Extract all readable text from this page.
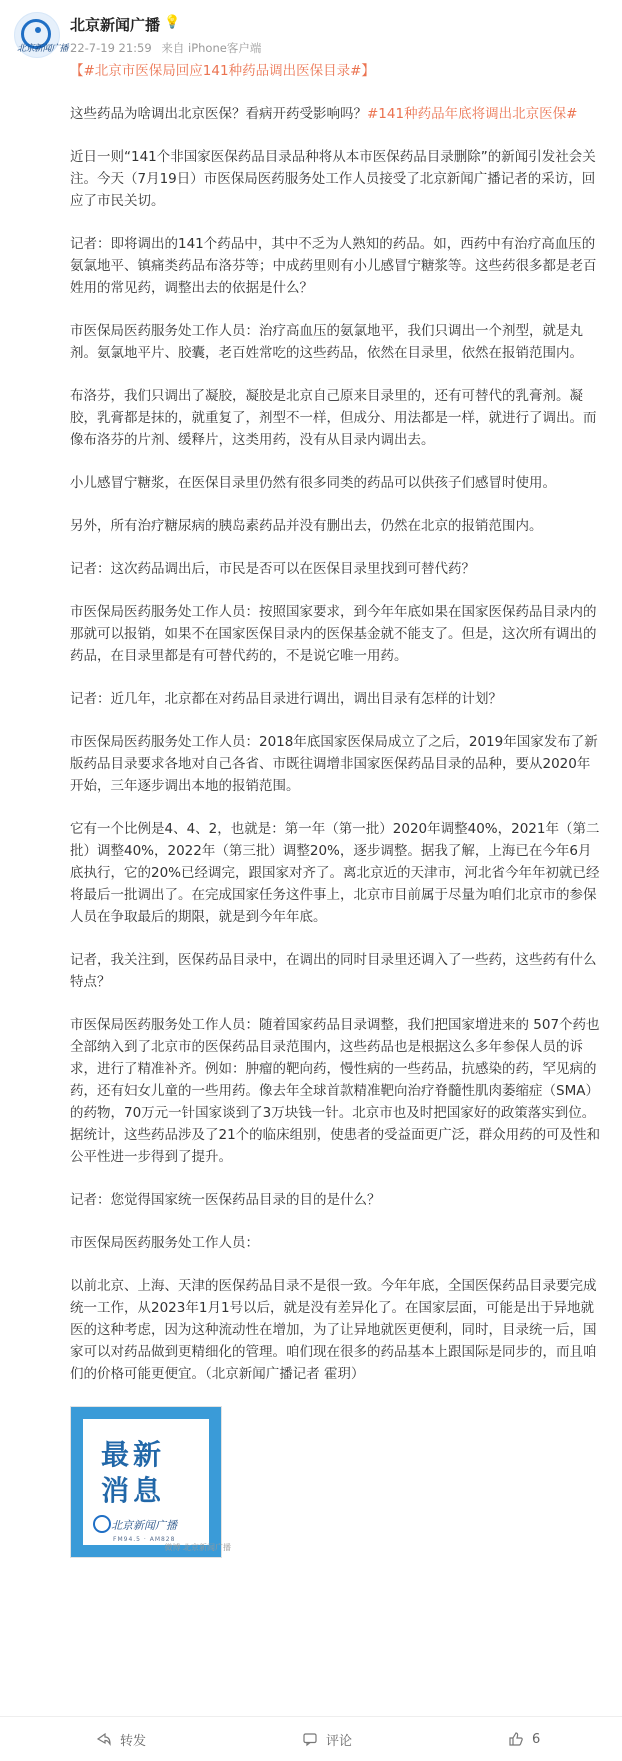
北京新闻广播
北京新闻广播 💡
22-7-19 21:59 来自 iPhone客户端

【#北京市医保局回应141种药品调出医保目录#】

这些药品为啥调出北京医保？看病开药受影响吗？#141种药品年底将调出北京医保#

近日一则“141个非国家医保药品目录品种将从本市医保药品目录删除”的新闻引发社会关注。今天（7月19日）市医保局医药服务处工作人员接受了北京新闻广播记者的采访，回应了市民关切。

记者：即将调出的141个药品中，其中不乏为人熟知的药品。如，西药中有治疗高血压的氨氯地平、镇痛类药品布洛芬等；中成药里则有小儿感冒宁糖浆等。这些药很多都是老百姓用的常见药，调整出去的依据是什么？

市医保局医药服务处工作人员：治疗高血压的氨氯地平，我们只调出一个剂型，就是丸剂。氨氯地平片、胶囊，老百姓常吃的这些药品，依然在目录里，依然在报销范围内。

布洛芬，我们只调出了凝胶，凝胶是北京自己原来目录里的，还有可替代的乳膏剂。凝胶，乳膏都是抹的，就重复了，剂型不一样，但成分、用法都是一样，就进行了调出。而像布洛芬的片剂、缓释片，这类用药，没有从目录内调出去。

小儿感冒宁糖浆，在医保目录里仍然有很多同类的药品可以供孩子们感冒时使用。

另外，所有治疗糖尿病的胰岛素药品并没有删出去，仍然在北京的报销范围内。

记者：这次药品调出后，市民是否可以在医保目录里找到可替代药？

市医保局医药服务处工作人员：按照国家要求，到今年年底如果在国家医保药品目录内的那就可以报销，如果不在国家医保目录内的医保基金就不能支了。但是，这次所有调出的药品，在目录里都是有可替代药的，不是说它唯一用药。

记者：近几年，北京都在对药品目录进行调出，调出目录有怎样的计划？

市医保局医药服务处工作人员：2018年底国家医保局成立了之后，2019年国家发布了新版药品目录要求各地对自己各省、市既往调增非国家医保药品目录的品种，要从2020年开始，三年逐步调出本地的报销范围。

它有一个比例是4、4、2，也就是：第一年（第一批）2020年调整40%，2021年（第二批）调整40%，2022年（第三批）调整20%，逐步调整。据我了解，上海已在今年6月底执行，它的20%已经调完，跟国家对齐了。离北京近的天津市，河北省今年年初就已经将最后一批调出了。在完成国家任务这件事上，北京市目前属于尽量为咱们北京市的参保人员在争取最后的期限，就是到今年年底。

记者，我关注到，医保药品目录中，在调出的同时目录里还调入了一些药，这些药有什么特点？

市医保局医药服务处工作人员：随着国家药品目录调整，我们把国家增进来的 507个药也全部纳入到了北京市的医保药品目录范围内，这些药品也是根据这么多年参保人员的诉求，进行了精准补齐。例如：肿瘤的靶向药，慢性病的一些药品，抗感染的药，罕见病的药，还有妇女儿童的一些用药。像去年全球首款精准靶向治疗脊髓性肌肉萎缩症（SMA）的药物，70万元一针国家谈到了3万块钱一针。北京市也及时把国家好的政策落实到位。据统计，这些药品涉及了21个的临床组别，使患者的受益面更广泛，群众用药的可及性和公平性进一步得到了提升。

记者：您觉得国家统一医保药品目录的目的是什么？

市医保局医药服务处工作人员：

以前北京、上海、天津的医保药品目录不是很一致。今年年底，全国医保药品目录要完成统一工作，从2023年1月1号以后，就是没有差异化了。在国家层面，可能是出于异地就医的这种考虑，因为这种流动性在增加，为了让异地就医更便利，同时，目录统一后，国家可以对药品做到更精细化的管理。咱们现在很多的药品基本上跟国际是同步的，而且咱们的价格可能更便宜。（北京新闻广播记者 霍玥）

最新
消息
北京新闻广播
FM94.5 · AM828
微博 北京新闻广播
转发	评论	6
